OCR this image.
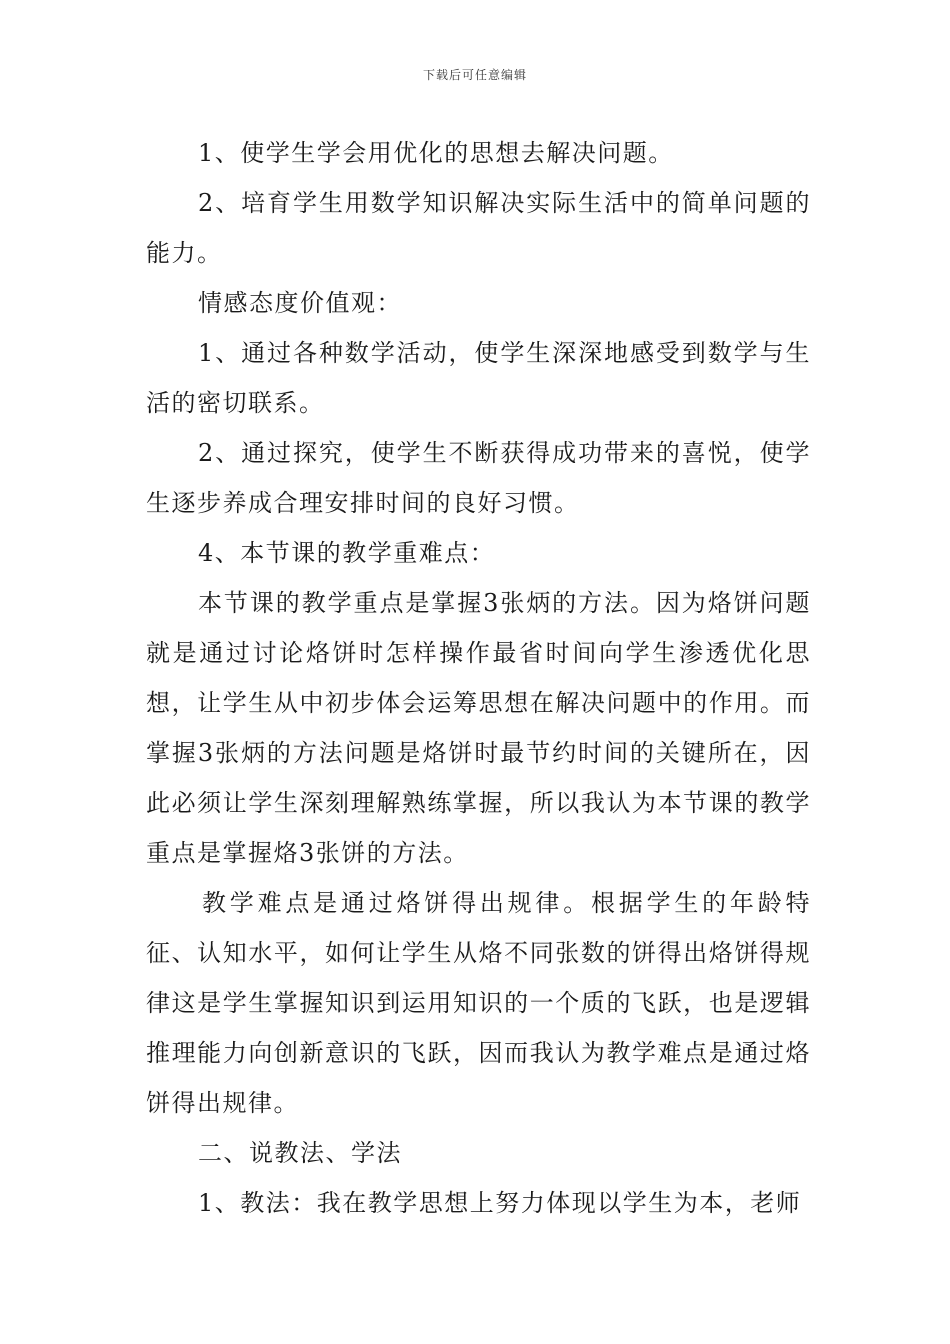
下载后可任意编辑

1、使学生学会用优化的思想去解决问题。

2、培育学生用数学知识解决实际生活中的简单问题的能力。

情感态度价值观：

1、通过各种数学活动，使学生深深地感受到数学与生活的密切联系。

2、通过探究，使学生不断获得成功带来的喜悦，使学生逐步养成合理安排时间的良好习惯。

4、本节课的教学重难点：

本节课的教学重点是掌握3张炳的方法。因为烙饼问题就是通过讨论烙饼时怎样操作最省时间向学生渗透优化思想，让学生从中初步体会运筹思想在解决问题中的作用。而掌握3张炳的方法问题是烙饼时最节约时间的关键所在，因此必须让学生深刻理解熟练掌握，所以我认为本节课的教学重点是掌握烙3张饼的方法。

教学难点是通过烙饼得出规律。根据学生的年龄特征、认知水平，如何让学生从烙不同张数的饼得出烙饼得规律这是学生掌握知识到运用知识的一个质的飞跃，也是逻辑推理能力向创新意识的飞跃，因而我认为教学难点是通过烙饼得出规律。

二、说教法、学法

1、教法：我在教学思想上努力体现以学生为本，老师
